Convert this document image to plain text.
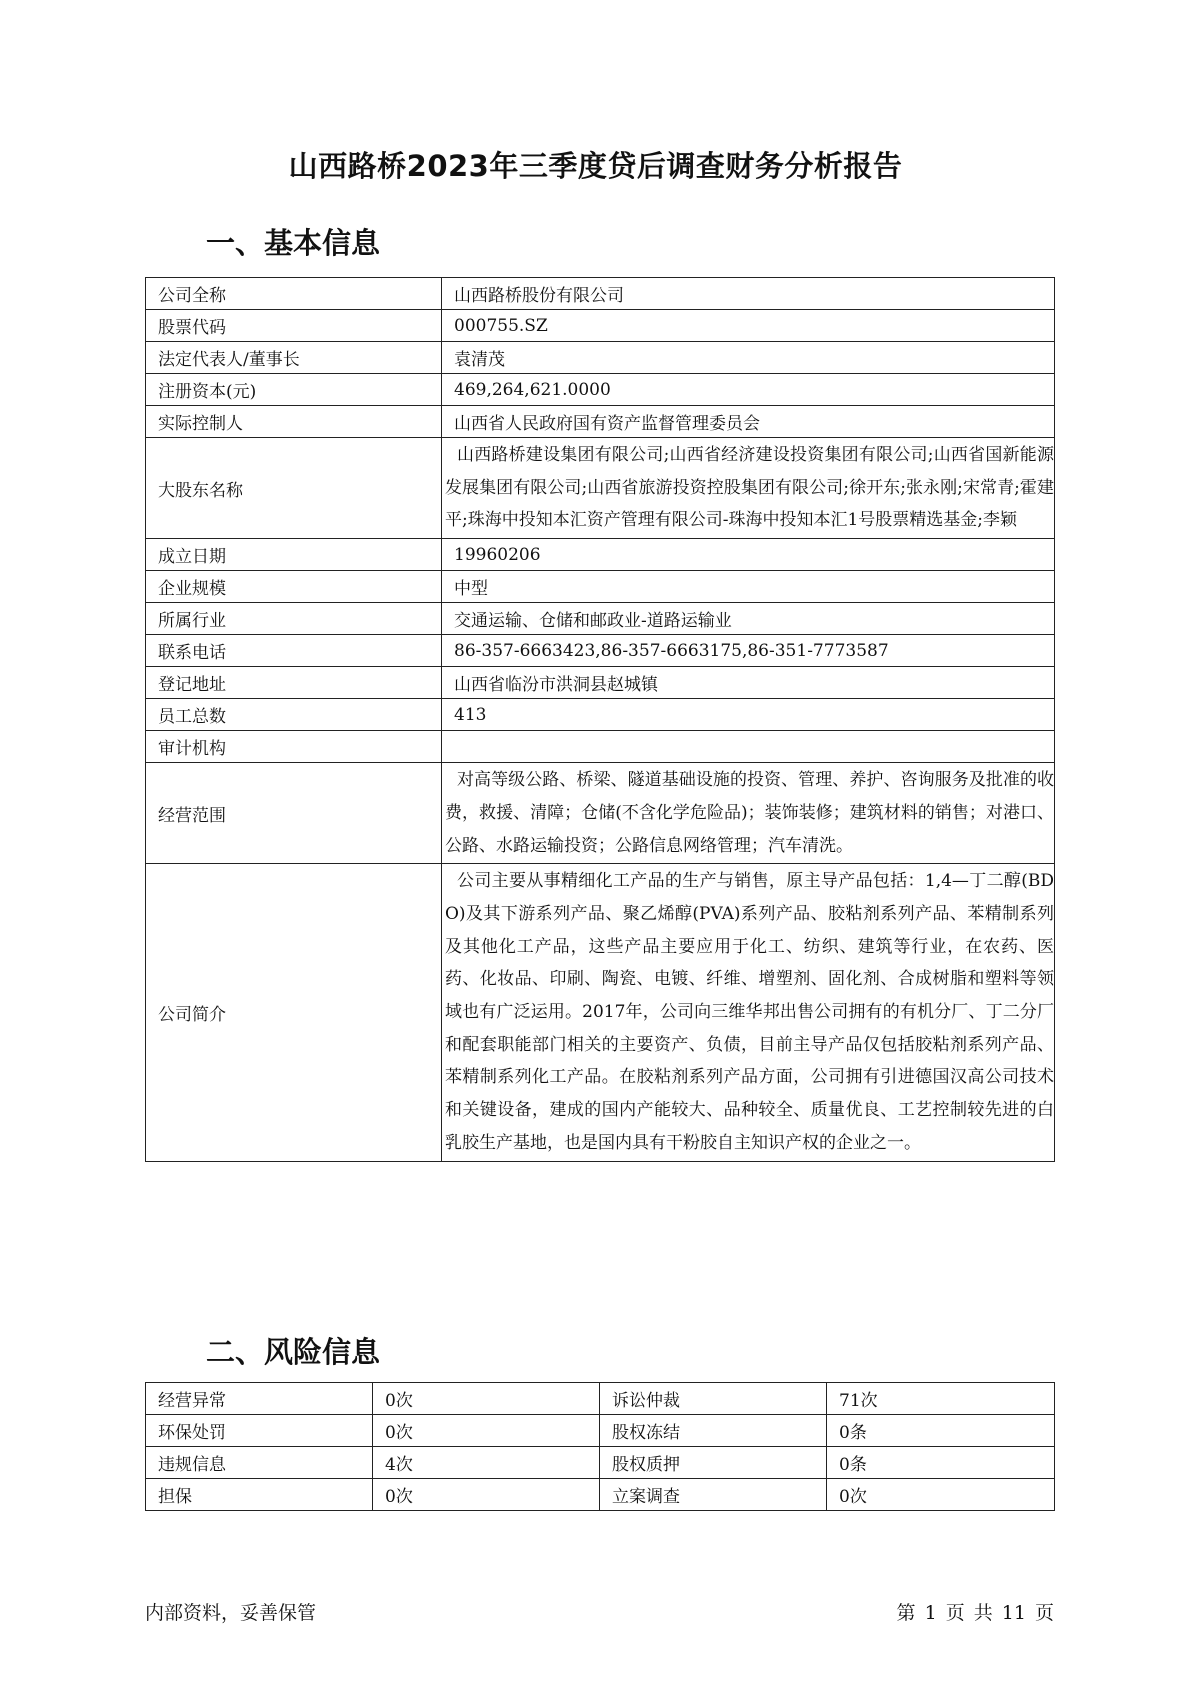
山西路桥2023年三季度贷后调查财务分析报告
一、基本信息
公司全称	山西路桥股份有限公司
股票代码	000755.SZ
法定代表人/董事长	袁清茂
注册资本(元)	469,264,621.0000
实际控制人	山西省人民政府国有资产监督管理委员会
大股东名称	山西路桥建设集团有限公司;山西省经济建设投资集团有限公司;山西省国新能源发展集团有限公司;山西省旅游投资控股集团有限公司;徐开东;张永刚;宋常青;霍建平;珠海中投知本汇资产管理有限公司-珠海中投知本汇1号股票精选基金;李颖
成立日期	19960206
企业规模	中型
所属行业	交通运输、仓储和邮政业-道路运输业
联系电话	86-357-6663423,86-357-6663175,86-351-7773587
登记地址	山西省临汾市洪洞县赵城镇
员工总数	413
审计机构	
经营范围	对高等级公路、桥梁、隧道基础设施的投资、管理、养护、咨询服务及批准的收费，救援、清障；仓储(不含化学危险品)；装饰装修；建筑材料的销售；对港口、公路、水路运输投资；公路信息网络管理；汽车清洗。
公司简介	公司主要从事精细化工产品的生产与销售，原主导产品包括：1,4—丁二醇(BDO)及其下游系列产品、聚乙烯醇(PVA)系列产品、胶粘剂系列产品、苯精制系列及其他化工产品，这些产品主要应用于化工、纺织、建筑等行业，在农药、医药、化妆品、印刷、陶瓷、电镀、纤维、增塑剂、固化剂、合成树脂和塑料等领域也有广泛运用。2017年，公司向三维华邦出售公司拥有的有机分厂、丁二分厂和配套职能部门相关的主要资产、负债，目前主导产品仅包括胶粘剂系列产品、苯精制系列化工产品。在胶粘剂系列产品方面，公司拥有引进德国汉高公司技术和关键设备，建成的国内产能较大、品种较全、质量优良、工艺控制较先进的白乳胶生产基地，也是国内具有干粉胶自主知识产权的企业之一。
二、风险信息
经营异常	0次	诉讼仲裁	71次
环保处罚	0次	股权冻结	0条
违规信息	4次	股权质押	0条
担保	0次	立案调查	0次
内部资料，妥善保管	第 1 页 共 11 页
